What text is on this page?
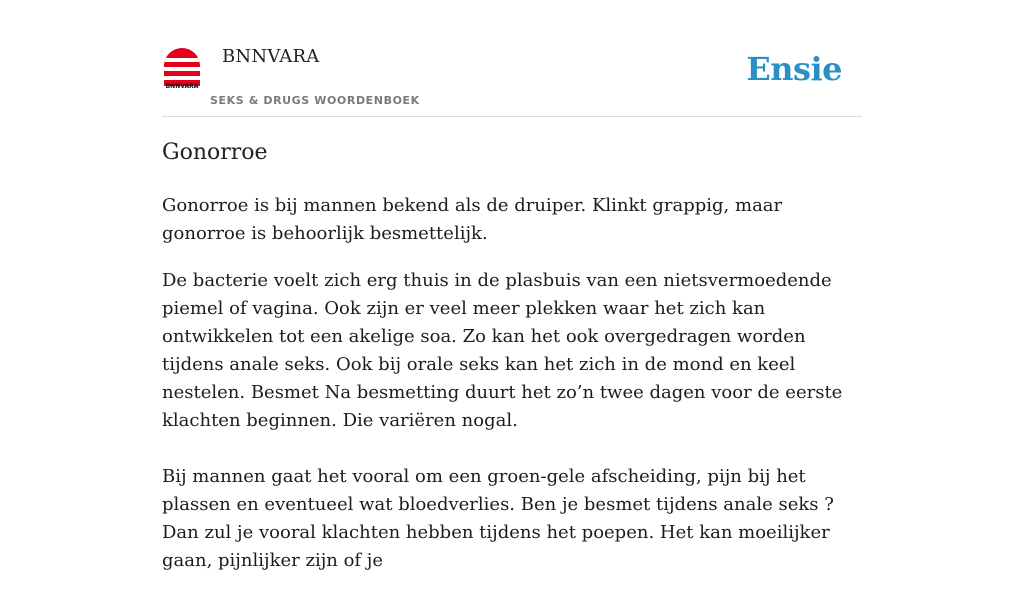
BNNVARA
BNNVARA
SEKS & DRUGS WOORDENBOEK
Ensie
Gonorroe

Gonorroe is bij mannen bekend als de druiper. Klinkt grappig, maar gonorroe is behoorlijk besmettelijk.

De bacterie voelt zich erg thuis in de plasbuis van een nietsvermoedende piemel of vagina. Ook zijn er veel meer plekken waar het zich kan ontwikkelen tot een akelige soa. Zo kan het ook overgedragen worden tijdens anale seks. Ook bij orale seks kan het zich in de mond en keel nestelen. Besmet Na besmetting duurt het zo’n twee dagen voor de eerste klachten beginnen. Die variëren nogal.

Bij mannen gaat het vooral om een groen-gele afscheiding, pijn bij het plassen en eventueel wat bloedverlies. Ben je besmet tijdens anale seks ? Dan zul je vooral klachten hebben tijdens het poepen. Het kan moeilijker gaan, pijnlijker zijn of je
